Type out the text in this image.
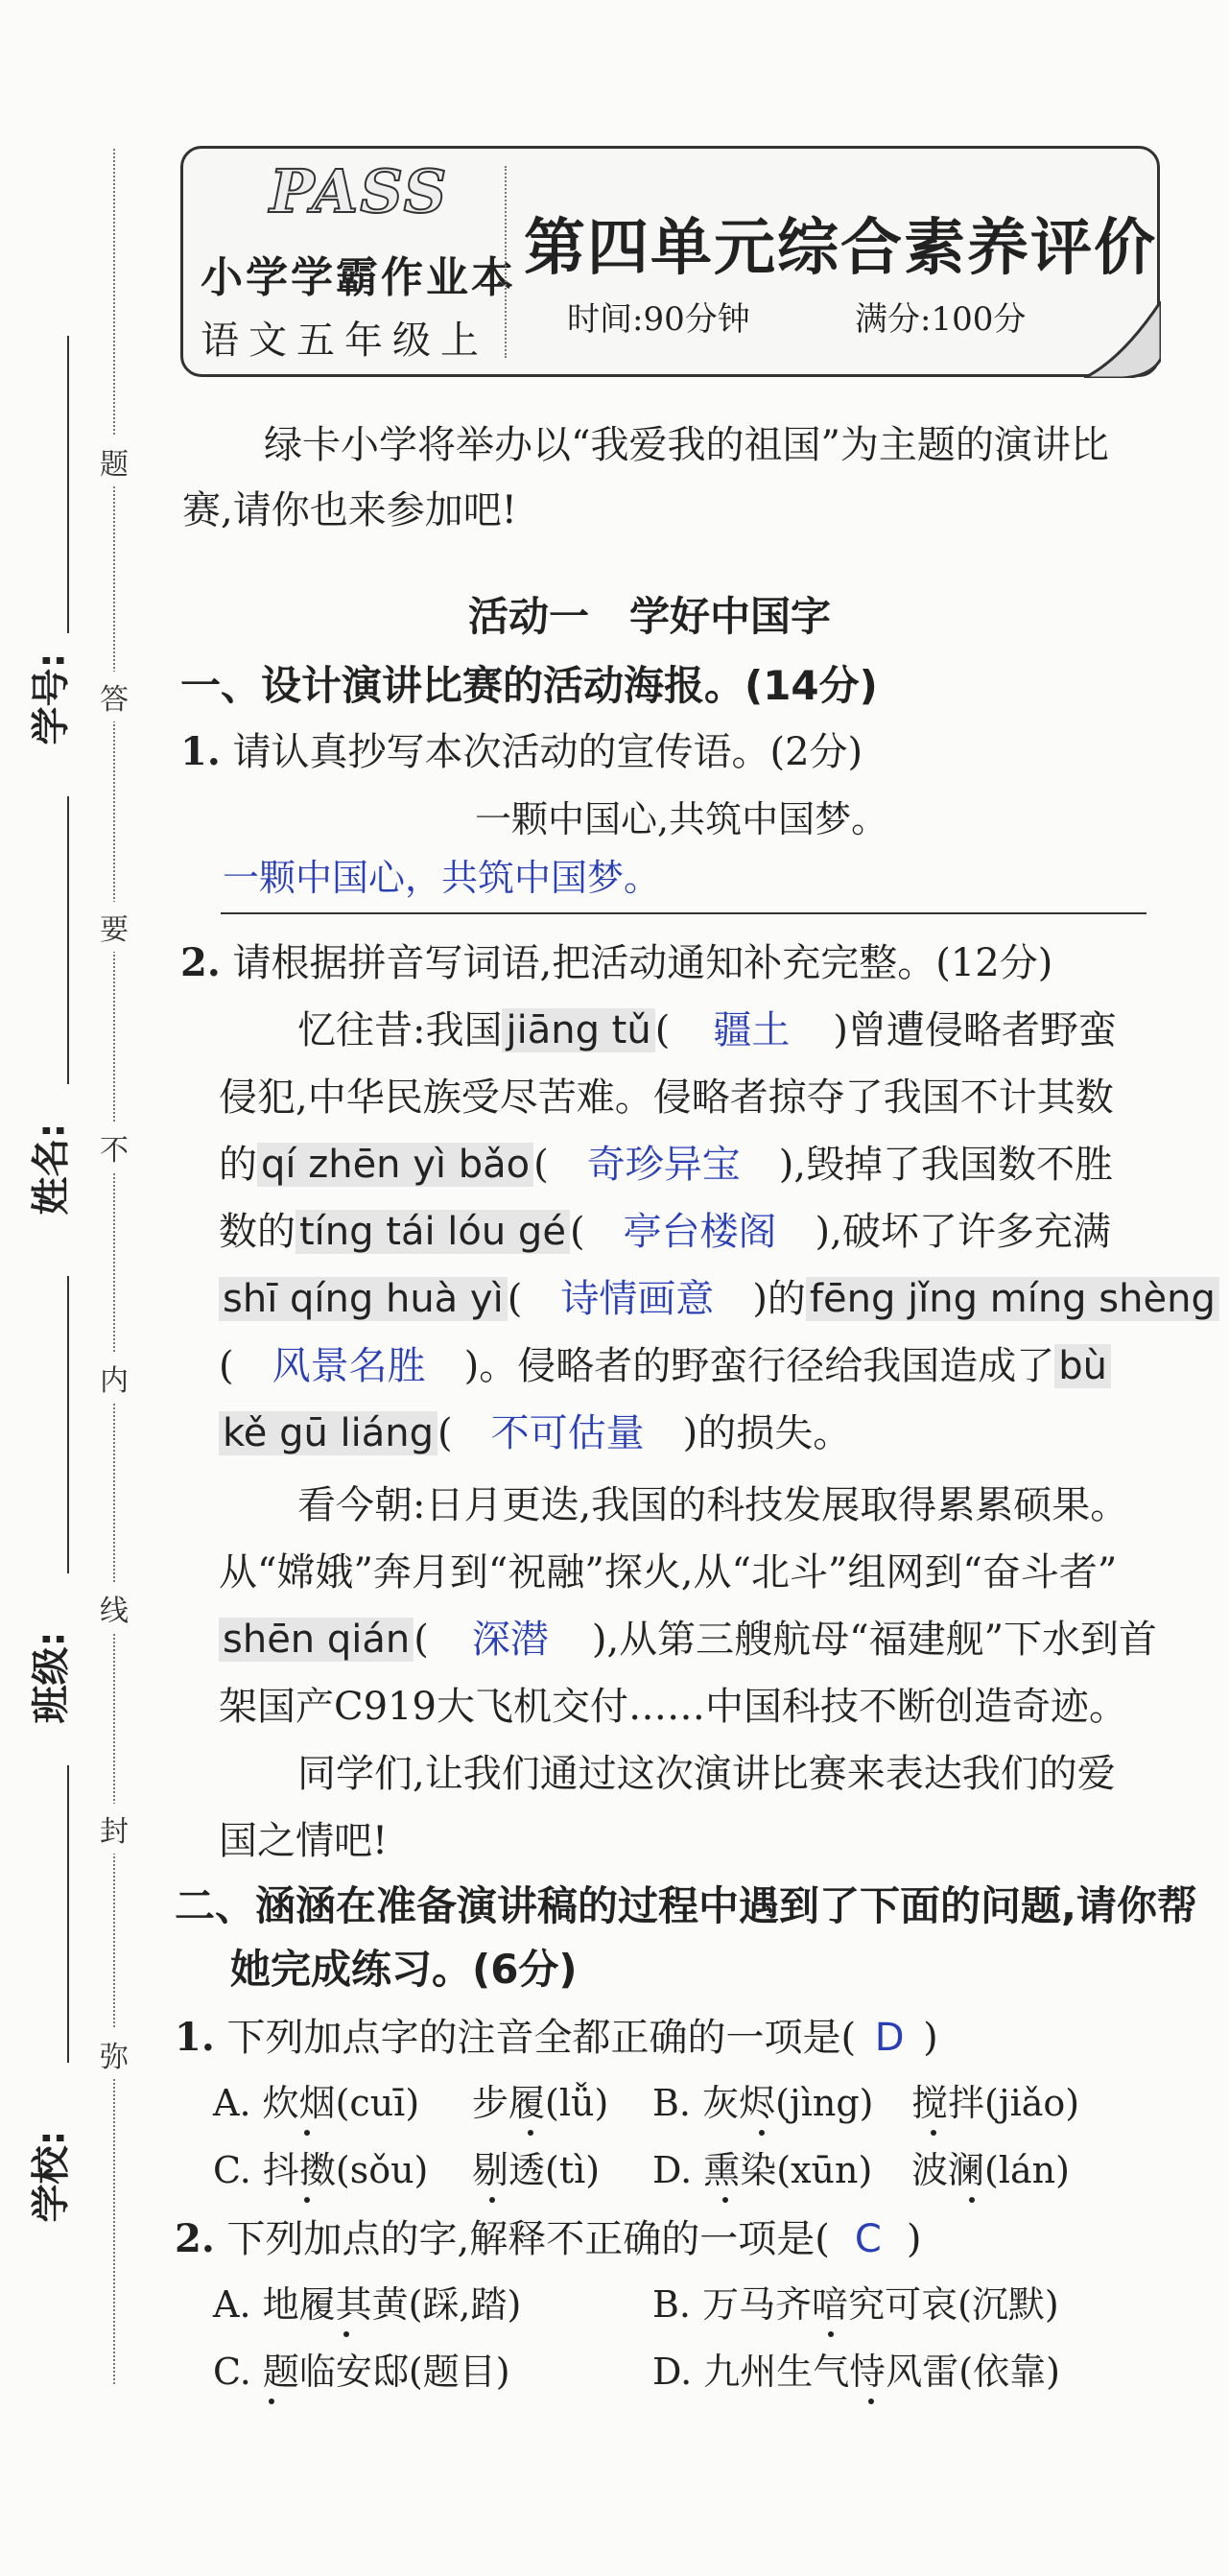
题
答
要
不
内
线
封
弥
学号:
姓名:
班级:
学校:
PASS
小学学霸作业本
语文五年级上
第四单元综合素养评价
时间:90分钟	满分:100分
绿卡小学将举办以“我爱我的祖国”为主题的演讲比
赛,请你也来参加吧!
活动一　学好中国字
一、设计演讲比赛的活动海报。(14分)
1. 请认真抄写本次活动的宣传语。(2分)
一颗中国心,共筑中国梦。
一颗中国心，共筑中国梦。
2. 请根据拼音写词语,把活动通知补充完整。(12分)
忆往昔:我国 jiāng tǔ ( 疆土 )曾遭侵略者野蛮
侵犯,中华民族受尽苦难。侵略者掠夺了我国不计其数
的 qí zhēn yì bǎo ( 奇珍异宝 ),毁掉了我国数不胜
数的 tíng tái lóu gé ( 亭台楼阁 ),破坏了许多充满
shī qíng huà yì ( 诗情画意 )的 fēng jǐng míng shèng
( 风景名胜 )。侵略者的野蛮行径给我国造成了 bù
kě gū liáng ( 不可估量 )的损失。
看今朝:日月更迭,我国的科技发展取得累累硕果。
从“嫦娥”奔月到“祝融”探火,从“北斗”组网到“奋斗者”
shēn qián ( 深潜 ),从第三艘航母“福建舰”下水到首
架国产C919大飞机交付……中国科技不断创造奇迹。
同学们,让我们通过这次演讲比赛来表达我们的爱
国之情吧!
二、涵涵在准备演讲稿的过程中遇到了下面的问题,请你帮
她完成练习。(6分)
1. 下列加点字的注音全都正确的一项是( D )
A. 炊烟(cuī) 步履(lǚ) B. 灰烬(jìng) 搅拌(jiǎo)
C. 抖擞(sǒu) 剔透(tì) D. 熏染(xūn) 波澜(lán)
2. 下列加点的字,解释不正确的一项是( C )
A. 地履其黄(踩,踏)	B. 万马齐喑究可哀(沉默)
C. 题临安邸(题目)	D. 九州生气恃风雷(依靠)
